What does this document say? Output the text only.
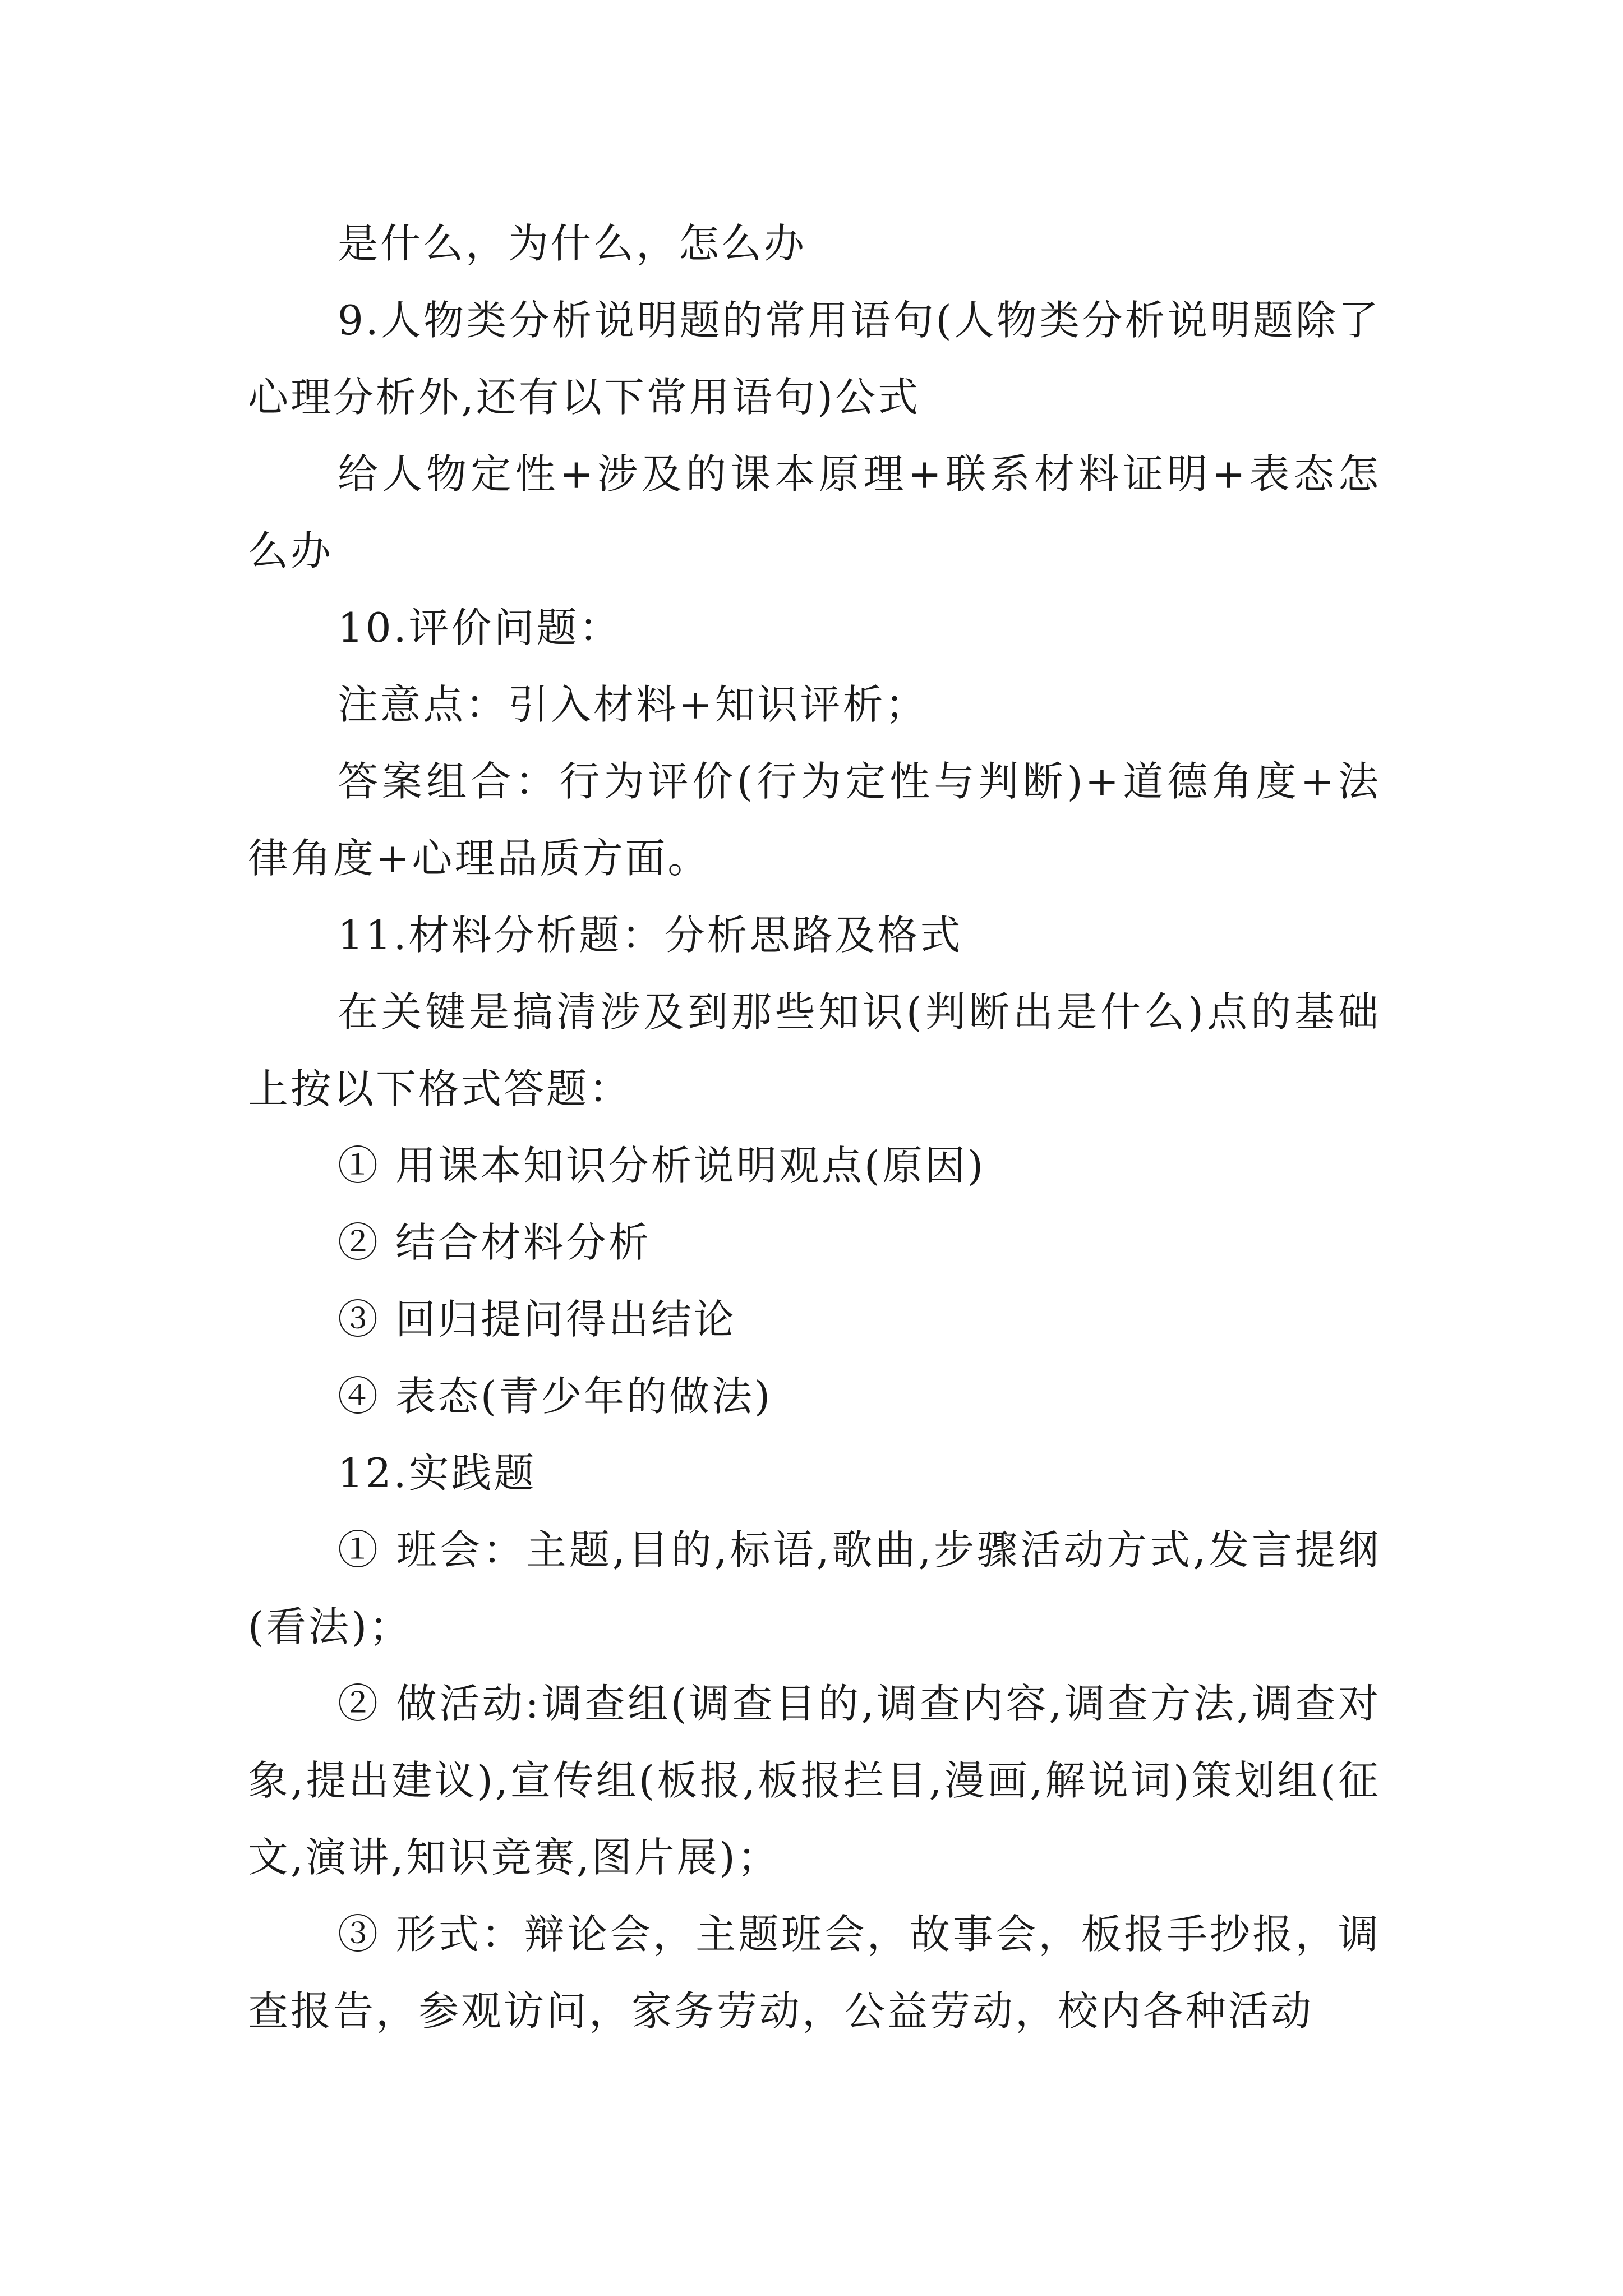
是什么，为什么，怎么办

9.人物类分析说明题的常用语句(人物类分析说明题除了心理分析外,还有以下常用语句)公式

给人物定性+涉及的课本原理+联系材料证明+表态怎么办

10.评价问题：

注意点：引入材料+知识评析；

答案组合：行为评价(行为定性与判断)+道德角度+法律角度+心理品质方面。

11.材料分析题：分析思路及格式

在关键是搞清涉及到那些知识(判断出是什么)点的基础上按以下格式答题：

① 用课本知识分析说明观点(原因)

② 结合材料分析

③ 回归提问得出结论

④ 表态(青少年的做法)

12.实践题

① 班会：主题,目的,标语,歌曲,步骤活动方式,发言提纲(看法)；

② 做活动:调查组(调查目的,调查内容,调查方法,调查对象,提出建议),宣传组(板报,板报拦目,漫画,解说词)策划组(征文,演讲,知识竞赛,图片展)；

③ 形式：辩论会，主题班会，故事会，板报手抄报，调查报告，参观访问，家务劳动，公益劳动，校内各种活动
